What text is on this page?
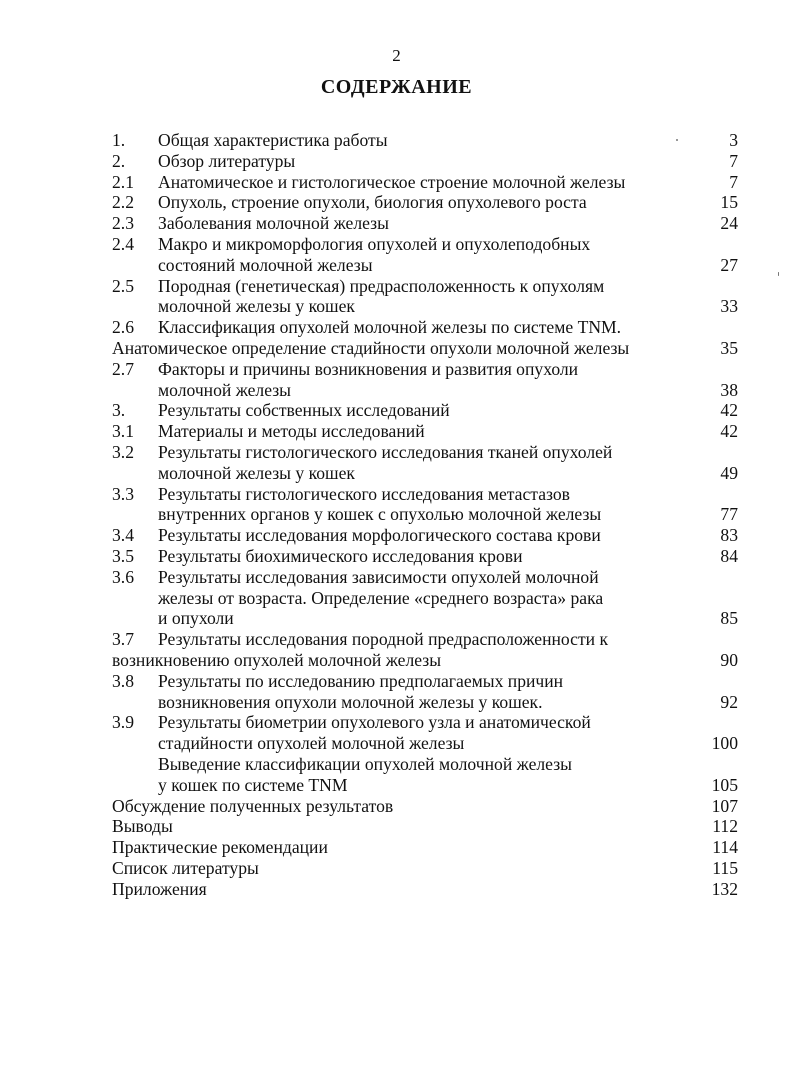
2
СОДЕРЖАНИЕ
1.	Общая характеристика работы	3
2.	Обзор литературы	7
2.1	Анатомическое и гистологическое строение молочной железы	7
2.2	Опухоль, строение опухоли, биология опухолевого роста	15
2.3	Заболевания молочной железы	24
2.4	Макро и микроморфология опухолей и опухолеподобных
состояний молочной железы	27
2.5	Породная (генетическая) предрасположенность к опухолям
молочной железы у кошек	33
2.6	Классификация опухолей молочной железы по системе TNM.
Анатомическое определение стадийности опухоли молочной железы	35
2.7	Факторы и причины возникновения и развития опухоли
молочной железы	38
3.	Результаты собственных исследований	42
3.1	Материалы и методы исследований	42
3.2	Результаты гистологического исследования тканей опухолей
молочной железы у кошек	49
3.3	Результаты гистологического исследования метастазов
внутренних органов у кошек с опухолью молочной железы	77
3.4	Результаты исследования морфологического состава крови	83
3.5	Результаты биохимического исследования крови	84
3.6	Результаты исследования зависимости опухолей молочной
железы от возраста. Определение «среднего возраста» рака
и опухоли	85
3.7	Результаты исследования породной предрасположенности к
возникновению опухолей молочной железы	90
3.8	Результаты по исследованию предполагаемых причин
возникновения опухоли молочной железы у кошек.	92
3.9	Результаты биометрии опухолевого узла и анатомической
стадийности опухолей молочной железы	100
Выведение классификации опухолей молочной железы
у кошек по системе TNM	105
Обсуждение полученных результатов	107
Выводы	112
Практические рекомендации	114
Список литературы	115
Приложения	132
